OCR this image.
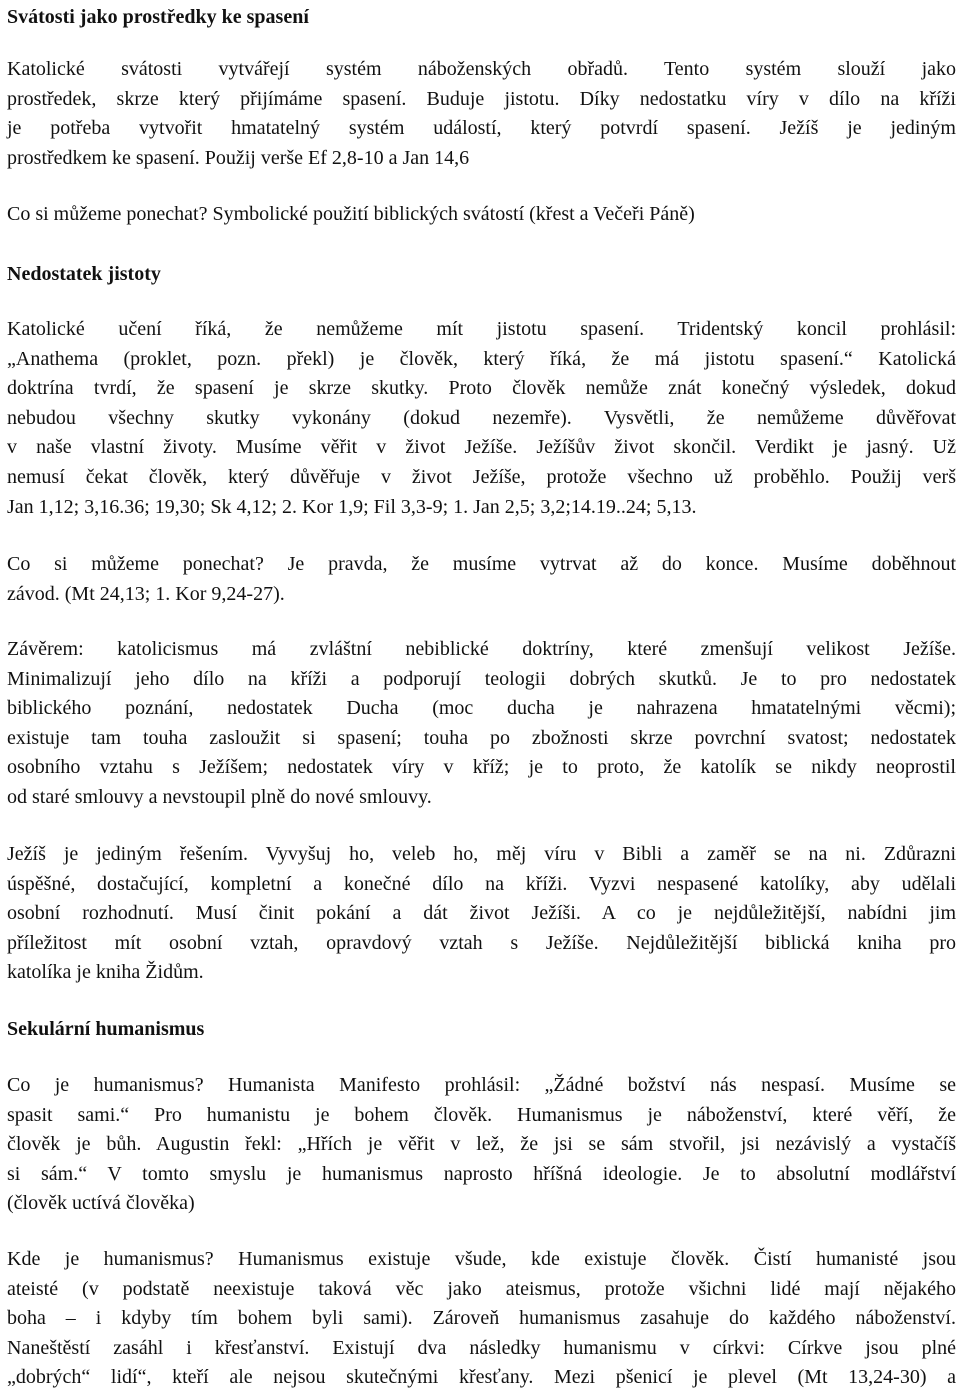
Svátosti jako prostředky ke spasení
Katolické svátosti vytvářejí systém náboženských obřadů. Tento systém slouží jako
prostředek, skrze který přijímáme spasení. Buduje jistotu. Díky nedostatku víry v dílo na kříži
je potřeba vytvořit hmatatelný systém událostí, který potvrdí spasení. Ježíš je jediným
prostředkem ke spasení. Použij verše Ef 2,8-10 a Jan 14,6
Co si můžeme ponechat? Symbolické použití biblických svátostí (křest a Večeři Páně)
Nedostatek jistoty
Katolické učení říká, že nemůžeme mít jistotu spasení. Tridentský koncil prohlásil:
„Anathema (proklet, pozn. překl) je člověk, který říká, že má jistotu spasení.“ Katolická
doktrína tvrdí, že spasení je skrze skutky. Proto člověk nemůže znát konečný výsledek, dokud
nebudou všechny skutky vykonány (dokud nezemře). Vysvětli, že nemůžeme důvěřovat
v naše vlastní životy. Musíme věřit v život Ježíše. Ježíšův život skončil. Verdikt je jasný. Už
nemusí čekat člověk, který důvěřuje v život Ježíše, protože všechno už proběhlo. Použij verš
Jan 1,12; 3,16.36; 19,30; Sk 4,12; 2. Kor 1,9; Fil 3,3-9; 1. Jan 2,5; 3,2;14.19..24; 5,13.
Co si můžeme ponechat? Je pravda, že musíme vytrvat až do konce. Musíme doběhnout
závod. (Mt 24,13; 1. Kor 9,24-27).
Závěrem: katolicismus má zvláštní nebiblické doktríny, které zmenšují velikost Ježíše.
Minimalizují jeho dílo na kříži a podporují teologii dobrých skutků. Je to pro nedostatek
biblického poznání, nedostatek Ducha (moc ducha je nahrazena hmatatelnými věcmi);
existuje tam touha zasloužit si spasení; touha po zbožnosti skrze povrchní svatost; nedostatek
osobního vztahu s Ježíšem; nedostatek víry v kříž; je to proto, že katolík se nikdy neoprostil
od staré smlouvy a nevstoupil plně do nové smlouvy.
Ježíš je jediným řešením. Vyvyšuj ho, veleb ho, měj víru v Bibli a zaměř se na ni. Zdůrazni
úspěšné, dostačující, kompletní a konečné dílo na kříži. Vyzvi nespasené katolíky, aby udělali
osobní rozhodnutí. Musí činit pokání a dát život Ježíši. A co je nejdůležitější, nabídni jim
příležitost mít osobní vztah, opravdový vztah s Ježíše. Nejdůležitější biblická kniha pro
katolíka je kniha Židům.
Sekulární humanismus
Co je humanismus? Humanista Manifesto prohlásil: „Žádné božství nás nespasí. Musíme se
spasit sami.“ Pro humanistu je bohem člověk. Humanismus je náboženství, které věří, že
člověk je bůh. Augustin řekl: „Hřích je věřit v lež, že jsi se sám stvořil, jsi nezávislý a vystačíš
si sám.“ V tomto smyslu je humanismus naprosto hříšná ideologie. Je to absolutní modlářství
(člověk uctívá člověka)
Kde je humanismus? Humanismus existuje všude, kde existuje člověk. Čistí humanisté jsou
ateisté (v podstatě neexistuje taková věc jako ateismus, protože všichni lidé mají nějakého
boha – i kdyby tím bohem byli sami). Zároveň humanismus zasahuje do každého náboženství.
Naneštěstí zasáhl i křesťanství. Existují dva následky humanismu v církvi: Církve jsou plné
„dobrých“ lidí“, kteří ale nejsou skutečnými křesťany. Mezi pšenicí je plevel (Mt 13,24-30) a
